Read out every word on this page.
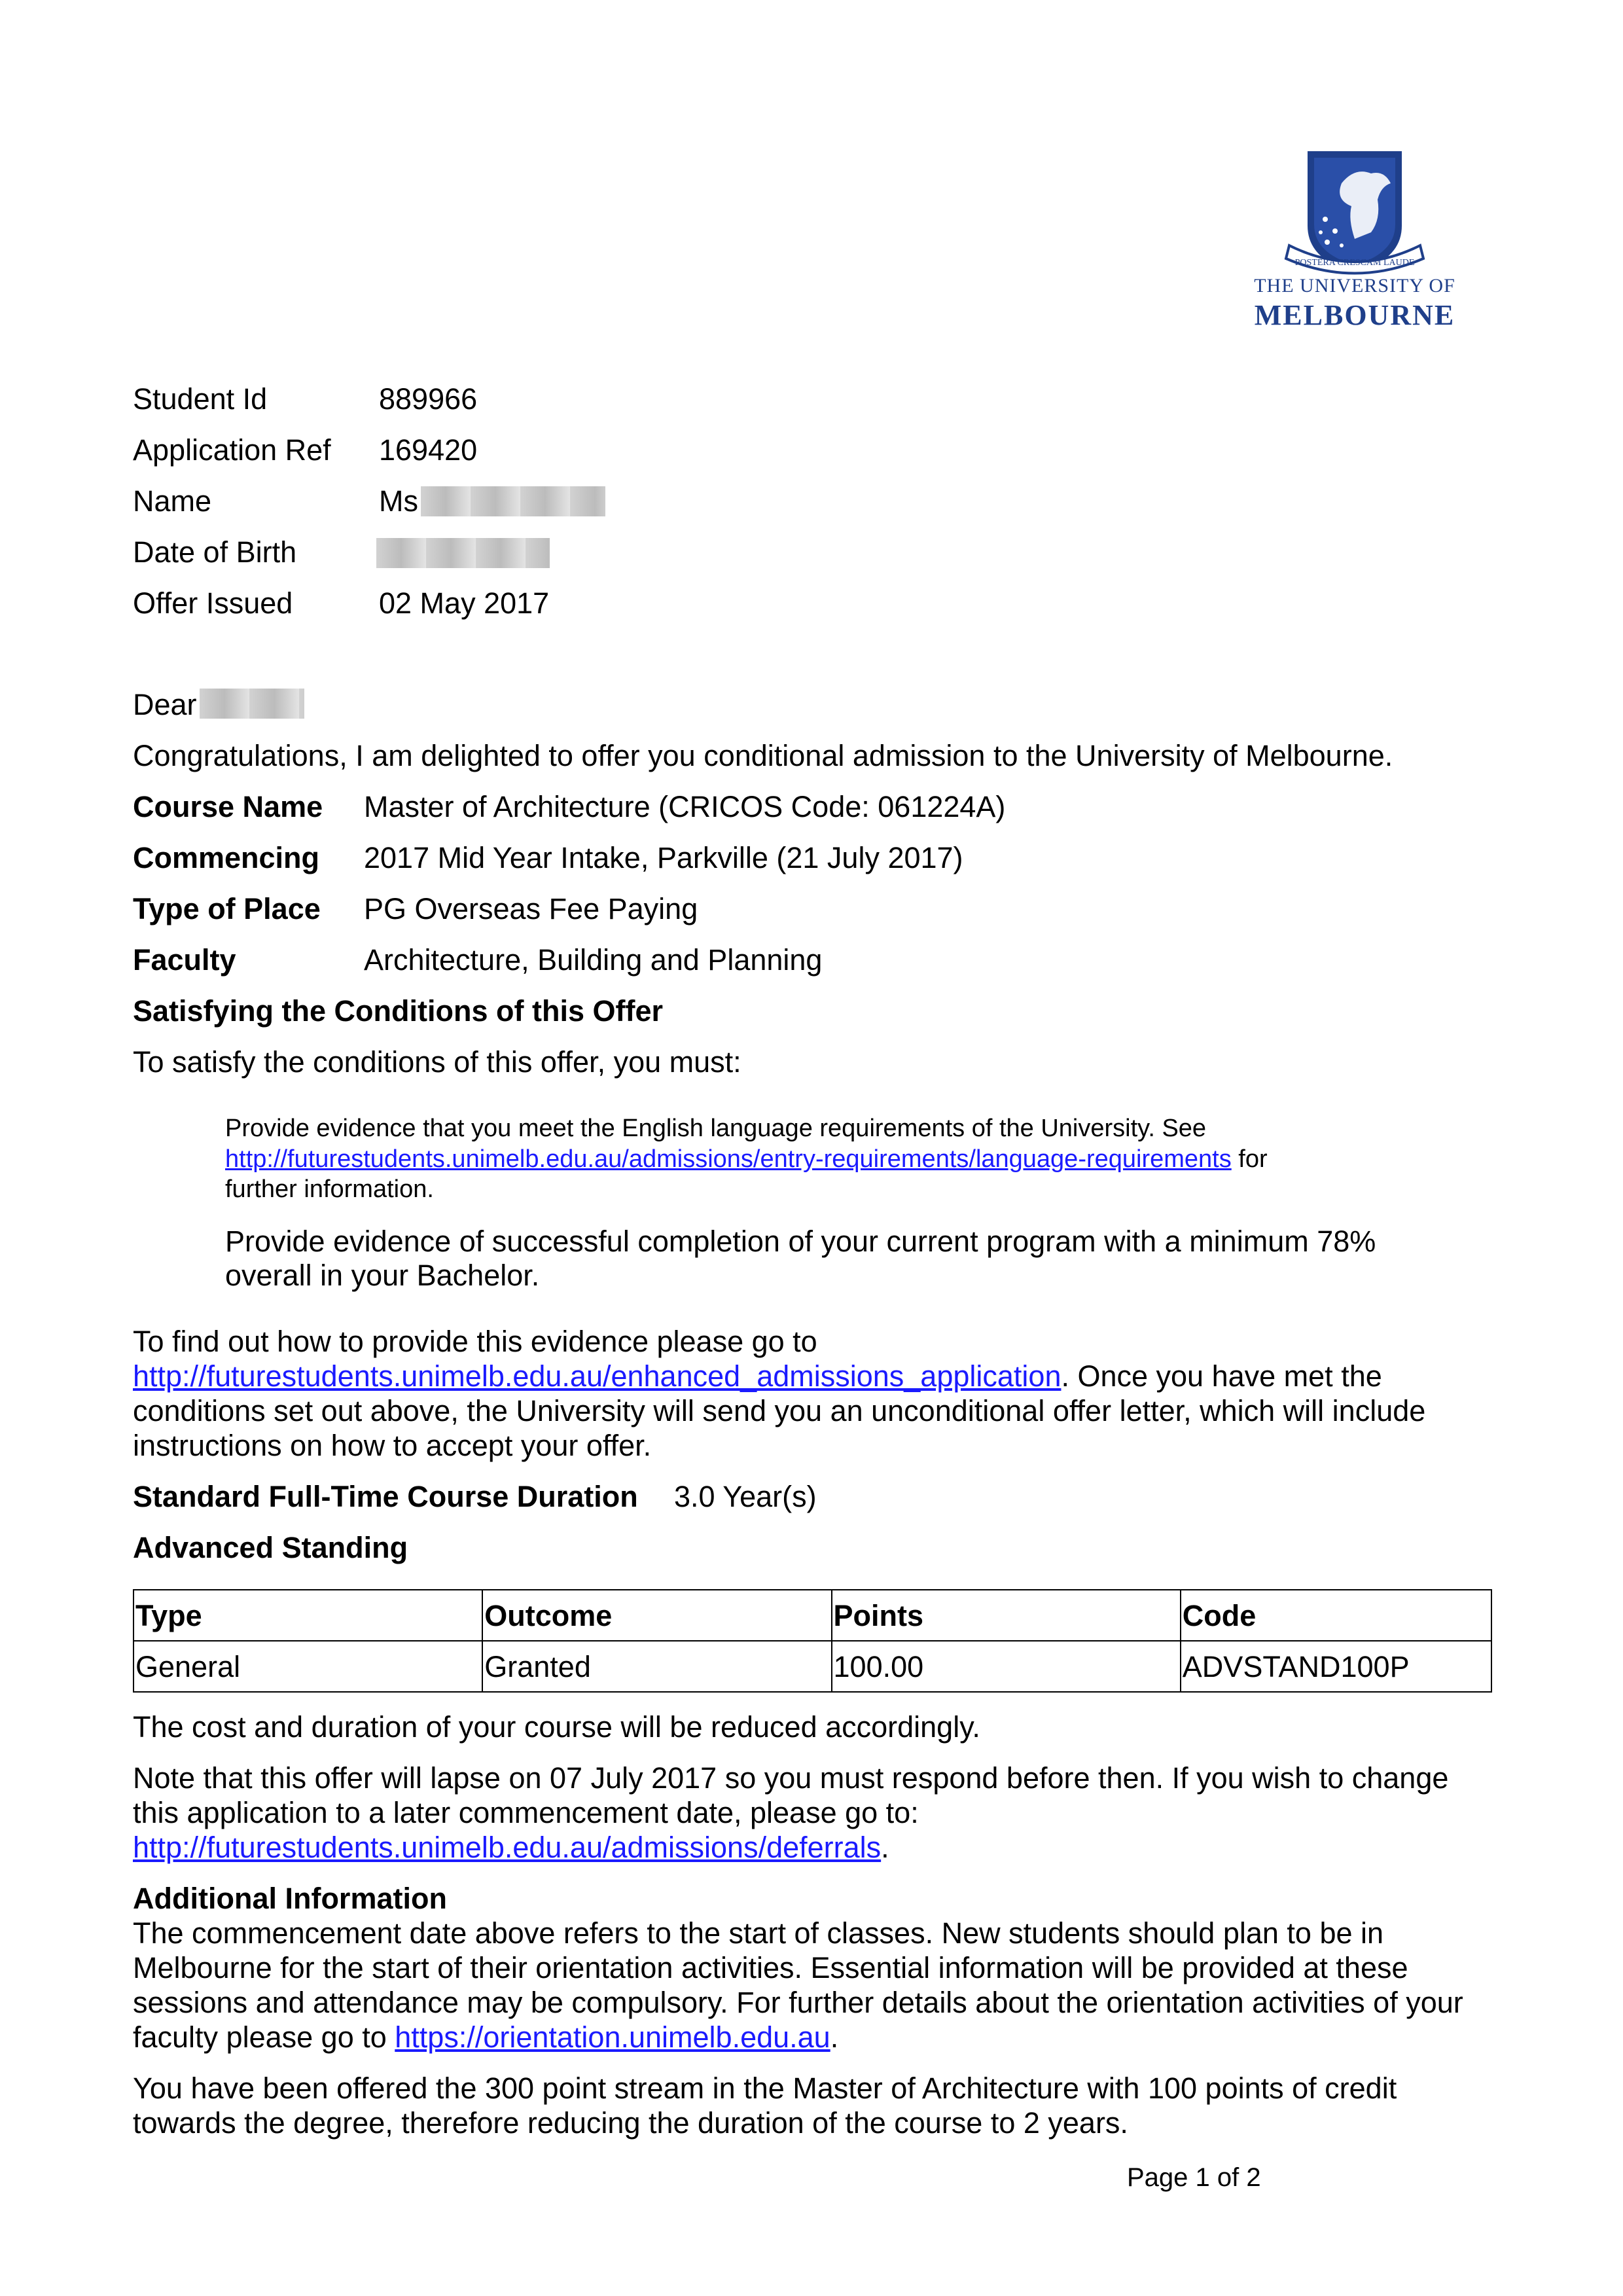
POSTERA CRESCAM LAUDE
THE UNIVERSITY OF
MELBOURNE
Student Id	889966
Application Ref 169420
Name	Ms
Date of Birth
Offer Issued	02 May 2017
Dear
Congratulations, I am delighted to offer you conditional admission to the University of Melbourne.
Course Name Master of Architecture (CRICOS Code: 061224A)
Commencing 2017 Mid Year Intake, Parkville (21 July 2017)
Type of Place PG Overseas Fee Paying
Faculty	Architecture, Building and Planning
Satisfying the Conditions of this Offer
To satisfy the conditions of this offer, you must:
Provide evidence that you meet the English language requirements of the University. See
http://futurestudents.unimelb.edu.au/admissions/entry-requirements/language-requirements for
further information.
Provide evidence of successful completion of your current program with a minimum 78%
overall in your Bachelor.
To find out how to provide this evidence please go to
http://futurestudents.unimelb.edu.au/enhanced_admissions_application. Once you have met the
conditions set out above, the University will send you an unconditional offer letter, which will include
instructions on how to accept your offer.
Standard Full-Time Course Duration 3.0 Year(s)
Advanced Standing
Type	Outcome	Points	Code
General	Granted	100.00	ADVSTAND100P
The cost and duration of your course will be reduced accordingly.
Note that this offer will lapse on 07 July 2017 so you must respond before then. If you wish to change
this application to a later commencement date, please go to:
http://futurestudents.unimelb.edu.au/admissions/deferrals.
Additional Information
The commencement date above refers to the start of classes. New students should plan to be in
Melbourne for the start of their orientation activities. Essential information will be provided at these
sessions and attendance may be compulsory. For further details about the orientation activities of your
faculty please go to https://orientation.unimelb.edu.au.
You have been offered the 300 point stream in the Master of Architecture with 100 points of credit
towards the degree, therefore reducing the duration of the course to 2 years.
Page 1 of 2
